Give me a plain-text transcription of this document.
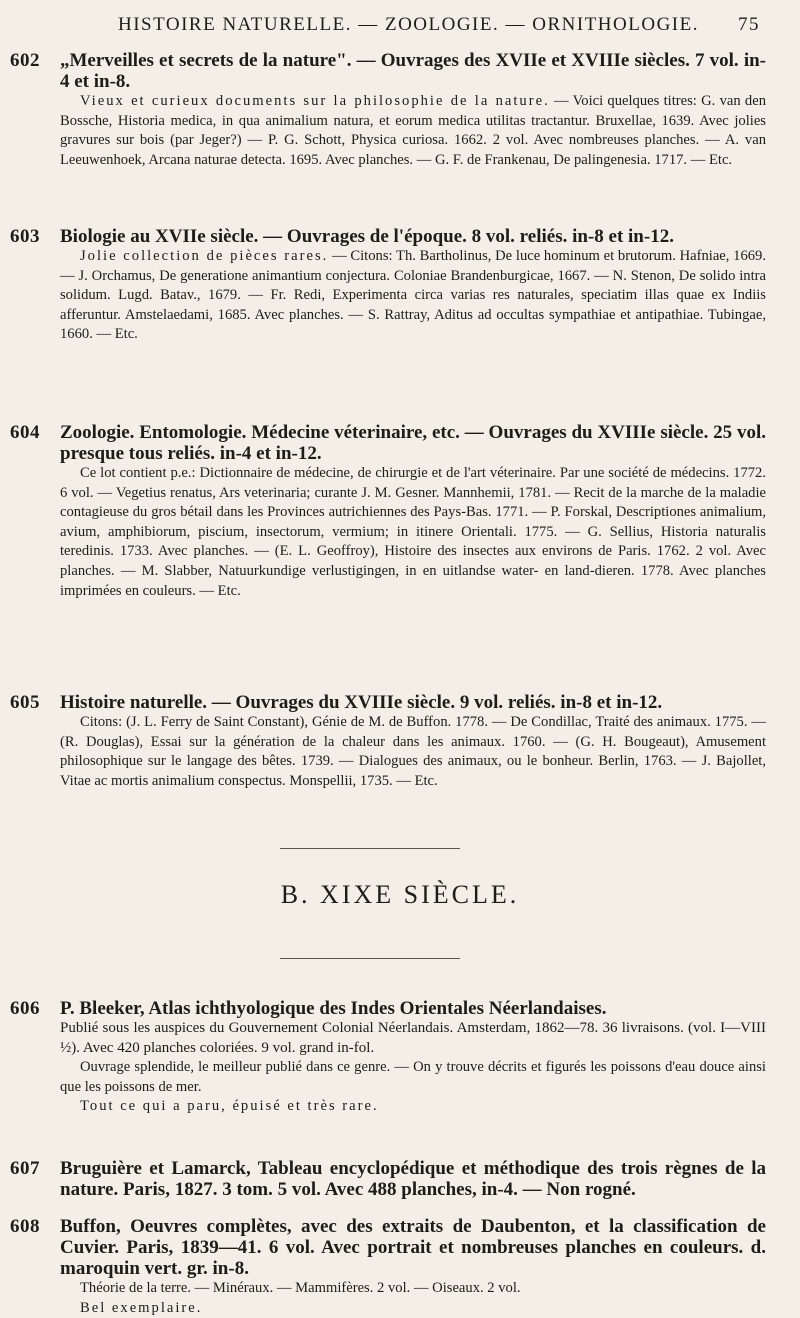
HISTOIRE NATURELLE. — ZOOLOGIE. — ORNITHOLOGIE. 75
602 „Merveilles et secrets de la nature". — Ouvrages des XVIIe et XVIIIe siècles. 7 vol. in-4 et in-8.
Vieux et curieux documents sur la philosophie de la nature. — Voici quelques titres: G. van den Bossche, Historia medica, in qua animalium natura, et eorum medica utilitas tractantur. Bruxellae, 1639. Avec jolies gravures sur bois (par Jeger?) — P. G. Schott, Physica curiosa. 1662. 2 vol. Avec nombreuses planches. — A. van Leeuwenhoek, Arcana naturae detecta. 1695. Avec planches. — G. F. de Frankenau, De palingenesia. 1717. — Etc.
603 Biologie au XVIIe siècle. — Ouvrages de l'époque. 8 vol. reliés. in-8 et in-12.
Jolie collection de pièces rares. — Citons: Th. Bartholinus, De luce hominum et brutorum. Hafniae, 1669. — J. Orchamus, De generatione animantium conjectura. Coloniae Brandenburgicae, 1667. — N. Stenon, De solido intra solidum. Lugd. Batav., 1679. — Fr. Redi, Experimenta circa varias res naturales, speciatim illas quae ex Indiis afferuntur. Amstelaedami, 1685. Avec planches. — S. Rattray, Aditus ad occultas sympathiae et antipathiae. Tubingae, 1660. — Etc.
604 Zoologie. Entomologie. Médecine véterinaire, etc. — Ouvrages du XVIIIe siècle. 25 vol. presque tous reliés. in-4 et in-12.
Ce lot contient p.e.: Dictionnaire de médecine, de chirurgie et de l'art véterinaire. Par une société de médecins. 1772. 6 vol. — Vegetius renatus, Ars veterinaria; curante J. M. Gesner. Mannhemii, 1781. — Recit de la marche de la maladie contagieuse du gros bétail dans les Provinces autrichiennes des Pays-Bas. 1771. — P. Forskal, Descriptiones animalium, avium, amphibiorum, piscium, insectorum, vermium; in itinere Orientali. 1775. — G. Sellius, Historia naturalis teredinis. 1733. Avec planches. — (E. L. Geoffroy), Histoire des insectes aux environs de Paris. 1762. 2 vol. Avec planches. — M. Slabber, Natuurkundige verlustigingen, in en uitlandse water- en land-dieren. 1778. Avec planches imprimées en couleurs. — Etc.
605 Histoire naturelle. — Ouvrages du XVIIIe siècle. 9 vol. reliés. in-8 et in-12.
Citons: (J. L. Ferry de Saint Constant), Génie de M. de Buffon. 1778. — De Condillac, Traité des animaux. 1775. — (R. Douglas), Essai sur la génération de la chaleur dans les animaux. 1760. — (G. H. Bougeaut), Amusement philosophique sur le langage des bêtes. 1739. — Dialogues des animaux, ou le bonheur. Berlin, 1763. — J. Bajollet, Vitae ac mortis animalium conspectus. Monspellii, 1735. — Etc.
B. XIXE SIÈCLE.
606 P. Bleeker, Atlas ichthyologique des Indes Orientales Néerlandaises.
Publié sous les auspices du Gouvernement Colonial Néerlandais. Amsterdam, 1862—78. 36 livraisons. (vol. I—VIII ½). Avec 420 planches coloriées. 9 vol. grand in-fol.
Ouvrage splendide, le meilleur publié dans ce genre. — On y trouve décrits et figurés les poissons d'eau douce ainsi que les poissons de mer.
Tout ce qui a paru, épuisé et très rare.
607 Bruguière et Lamarck, Tableau encyclopédique et méthodique des trois règnes de la nature. Paris, 1827. 3 tom. 5 vol. Avec 488 planches, in-4. — Non rogné.
608 Buffon, Oeuvres complètes, avec des extraits de Daubenton, et la classification de Cuvier. Paris, 1839—41. 6 vol. Avec portrait et nombreuses planches en couleurs. d. maroquin vert. gr. in-8.
Théorie de la terre. — Minéraux. — Mammifères. 2 vol. — Oiseaux. 2 vol.
Bel exemplaire.
